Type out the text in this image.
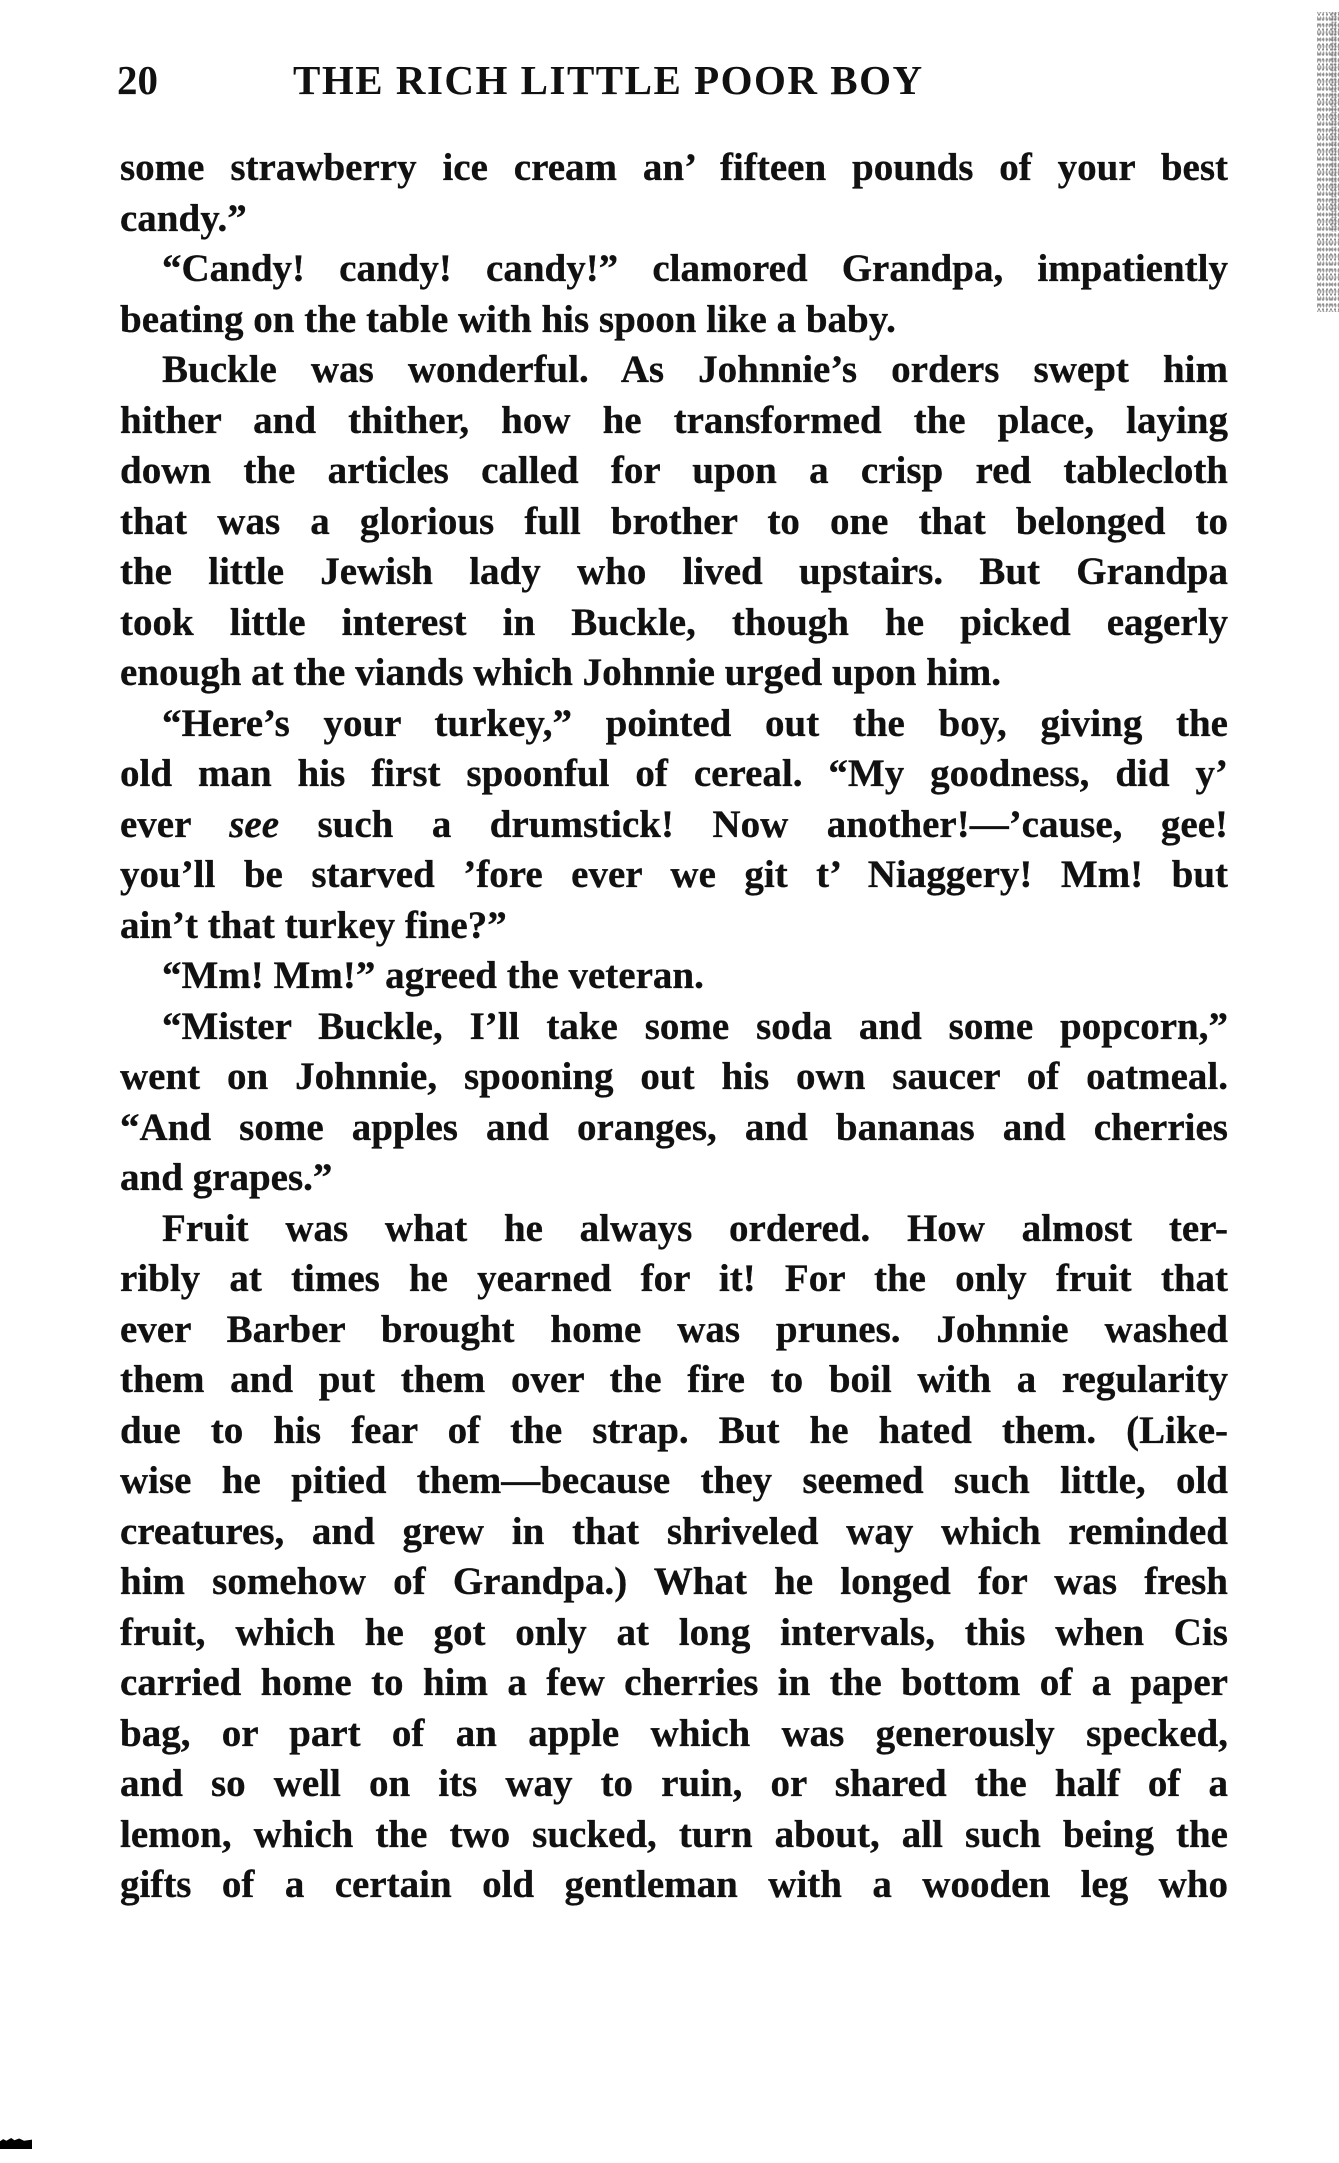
20	THE RICH LITTLE POOR BOY
some strawberry ice cream an’ fifteen pounds of your best
candy.”
“Candy! candy! candy!” clamored Grandpa, impatiently
beating on the table with his spoon like a baby.
Buckle was wonderful. As Johnnie’s orders swept him
hither and thither, how he transformed the place, laying
down the articles called for upon a crisp red tablecloth
that was a glorious full brother to one that belonged to
the little Jewish lady who lived upstairs. But Grandpa
took little interest in Buckle, though he picked eagerly
enough at the viands which Johnnie urged upon him.
“Here’s your turkey,” pointed out the boy, giving the
old man his first spoonful of cereal. “My goodness, did y’
ever see such a drumstick! Now another!—’cause, gee!
you’ll be starved ’fore ever we git t’ Niaggery! Mm! but
ain’t that turkey fine?”
“Mm! Mm!” agreed the veteran.
“Mister Buckle, I’ll take some soda and some popcorn,”
went on Johnnie, spooning out his own saucer of oatmeal.
“And some apples and oranges, and bananas and cherries
and grapes.”
Fruit was what he always ordered. How almost ter-
ribly at times he yearned for it! For the only fruit that
ever Barber brought home was prunes. Johnnie washed
them and put them over the fire to boil with a regularity
due to his fear of the strap. But he hated them. (Like-
wise he pitied them—because they seemed such little, old
creatures, and grew in that shriveled way which reminded
him somehow of Grandpa.) What he longed for was fresh
fruit, which he got only at long intervals, this when Cis
carried home to him a few cherries in the bottom of a paper
bag, or part of an apple which was generously specked,
and so well on its way to ruin, or shared the half of a
lemon, which the two sucked, turn about, all such being the
gifts of a certain old gentleman with a wooden leg who
